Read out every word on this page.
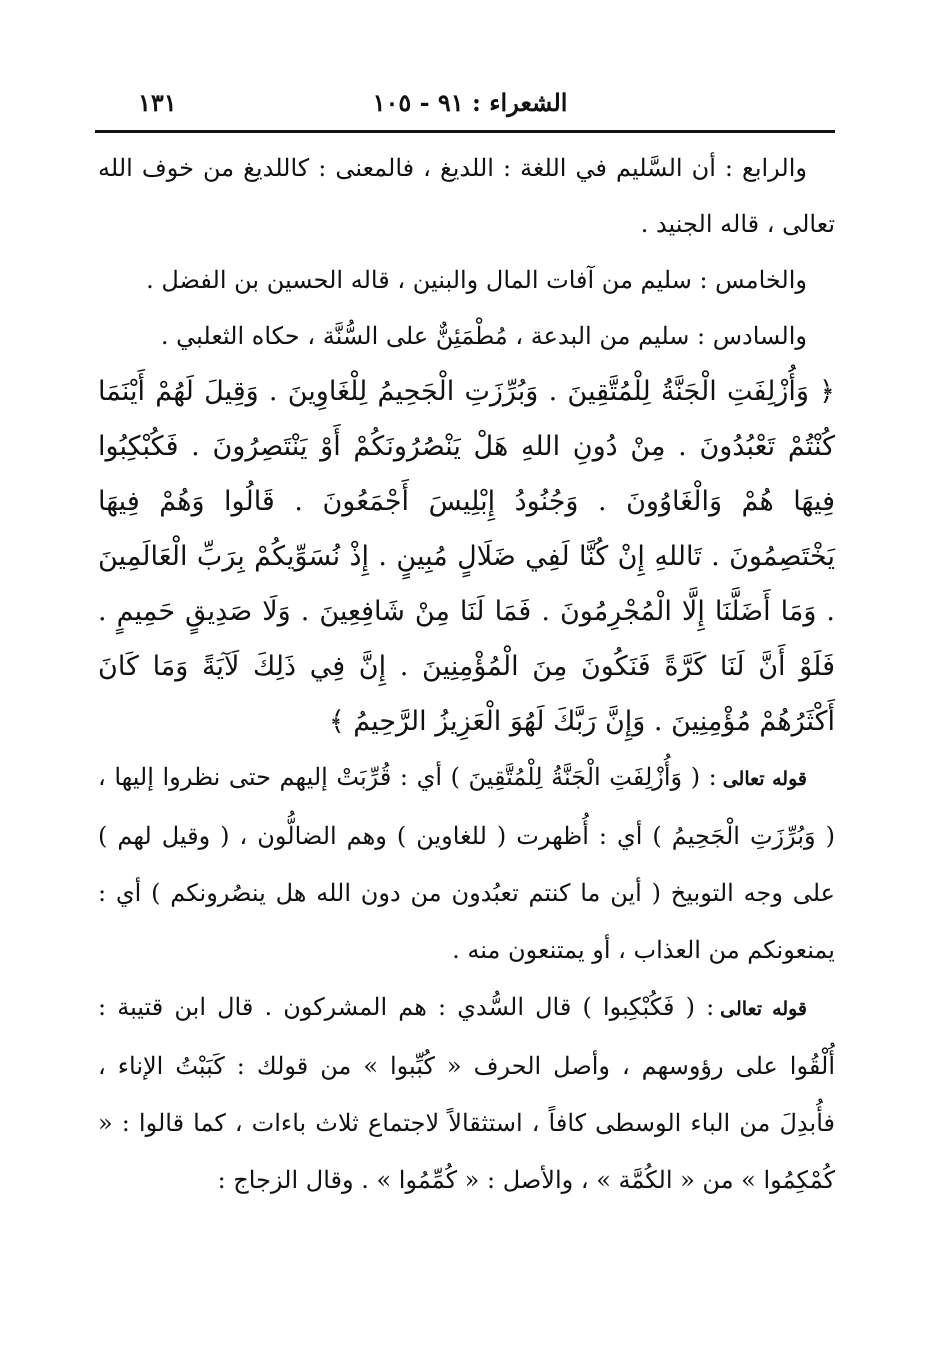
١٣١	الشعراء : ٩١ - ١٠٥

والرابع : أن السَّليم في اللغة : اللديغ ، فالمعنى : كاللديغ من خوف الله تعالى ، قاله الجنيد .

والخامس : سليم من آفات المال والبنين ، قاله الحسين بن الفضل .

والسادس : سليم من البدعة ، مُطْمَئِنٌّ على السُّنَّة ، حكاه الثعلبي .

﴿ وَأُزْلِفَتِ الْجَنَّةُ لِلْمُتَّقِينَ . وَبُرِّزَتِ الْجَحِيمُ لِلْغَاوِينَ . وَقِيلَ لَهُمْ أَيْنَمَا كُنْتُمْ تَعْبُدُونَ . مِنْ دُونِ اللهِ هَلْ يَنْصُرُونَكُمْ أَوْ يَنْتَصِرُونَ . فَكُبْكِبُوا فِيهَا هُمْ وَالْغَاوُونَ . وَجُنُودُ إِبْلِيسَ أَجْمَعُونَ . قَالُوا وَهُمْ فِيهَا يَخْتَصِمُونَ . تَاللهِ إِنْ كُنَّا لَفِي ضَلَالٍ مُبِينٍ . إِذْ نُسَوِّيكُمْ بِرَبِّ الْعَالَمِينَ . وَمَا أَضَلَّنَا إِلَّا الْمُجْرِمُونَ . فَمَا لَنَا مِنْ شَافِعِينَ . وَلَا صَدِيقٍ حَمِيمٍ . فَلَوْ أَنَّ لَنَا كَرَّةً فَنَكُونَ مِنَ الْمُؤْمِنِينَ . إِنَّ فِي ذَلِكَ لَآيَةً وَمَا كَانَ أَكْثَرُهُمْ مُؤْمِنِينَ . وَإِنَّ رَبَّكَ لَهُوَ الْعَزِيزُ الرَّحِيمُ ﴾

قوله تعالى: ( وَأُزْلِفَتِ الْجَنَّةُ لِلْمُتَّقِينَ ) أي : قُرِّبَتْ إليهم حتى نظروا إليها ، ( وَبُرِّزَتِ الْجَحِيمُ ) أي : أُظهرت ( للغاوين ) وهم الضالُّون ، ( وقيل لهم ) على وجه التوبيخ ( أين ما كنتم تعبُدون من دون الله هل ينصُرونكم ) أي : يمنعونكم من العذاب ، أو يمتنعون منه .

قوله تعالى: ( فَكُبْكِبوا ) قال السُّدي : هم المشركون . قال ابن قتيبة : أُلْقُوا على رؤوسهم ، وأصل الحرف « كُبِّبوا » من قولك : كَبَبْتُ الإناء ، فأُبدِلَ من الباء الوسطى كافاً ، استثقالاً لاجتماع ثلاث باءات ، كما قالوا : « كُمْكِمُوا » من « الكُمَّة » ، والأصل : « كُمِّمُوا » . وقال الزجاج :
